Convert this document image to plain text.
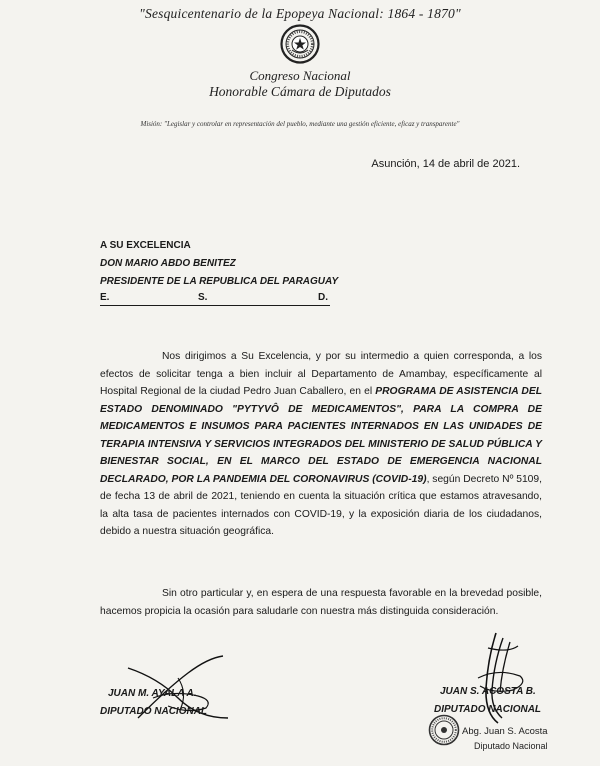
"Sesquicentenario de la Epopeya Nacional: 1864 - 1870"
Congreso Nacional
Honorable Cámara de Diputados
Misión: "Legislar y controlar en representación del pueblo, mediante una gestión eficiente, eficaz y transparente"
Asunción, 14 de abril de 2021.
A SU EXCELENCIA
DON MARIO ABDO BENITEZ
PRESIDENTE DE LA REPUBLICA DEL PARAGUAY
E.	S.	D.
Nos dirigimos a Su Excelencia, y por su intermedio a quien corresponda, a los efectos de solicitar tenga a bien incluir al Departamento de Amambay, específicamente al Hospital Regional de la ciudad Pedro Juan Caballero, en el PROGRAMA DE ASISTENCIA DEL ESTADO DENOMINADO "PYTYVÔ DE MEDICAMENTOS", PARA LA COMPRA DE MEDICAMENTOS E INSUMOS PARA PACIENTES INTERNADOS EN LAS UNIDADES DE TERAPIA INTENSIVA Y SERVICIOS INTEGRADOS DEL MINISTERIO DE SALUD PÚBLICA Y BIENESTAR SOCIAL, EN EL MARCO DEL ESTADO DE EMERGENCIA NACIONAL DECLARADO, POR LA PANDEMIA DEL CORONAVIRUS (COVID-19), según Decreto Nº 5109, de fecha 13 de abril de 2021, teniendo en cuenta la situación crítica que estamos atravesando, la alta tasa de pacientes internados con COVID-19, y la exposición diaria de los ciudadanos, debido a nuestra situación geográfica.
Sin otro particular y, en espera de una respuesta favorable en la brevedad posible, hacemos propicia la ocasión para saludarle con nuestra más distinguida consideración.
JUAN M. AYALA A.
DIPUTADO NACIONAL
JUAN S. ACOSTA B.
DIPUTADO NACIONAL
Abg. Juan S. Acosta
Diputado Nacional
